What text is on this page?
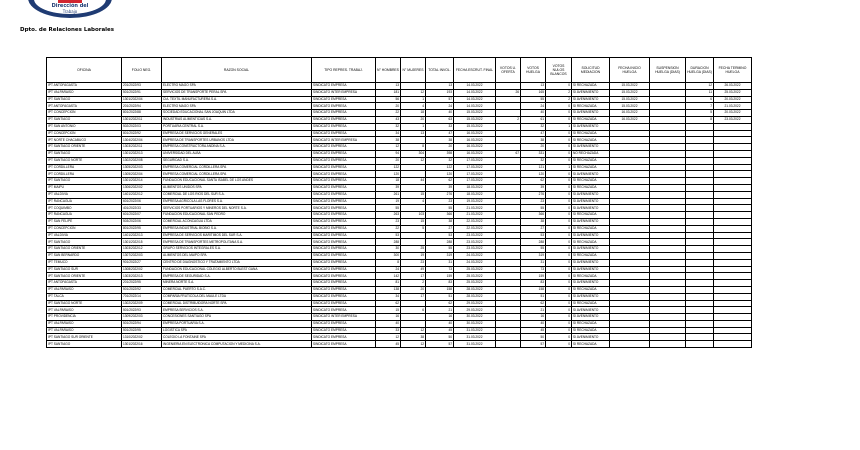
Dirección del
Trabajo
Dpto. de Relaciones Laborales
OFICINA	FOLIO NEG.	RAZON SOCIAL	TIPO REPRES. TRABAJ.	N° HOMBRES	N° MUJERES	TOTAL INVOL.	FECHA ESCRUT. FINAL	VOTOS U. OFERTA	VOTOS HUELGA	VOTOS NULOS BLANCOS	SOLICITUD MEDIACION	FECHA INICIO HUELGA	SUSPENSION HUELGA (DIAS)	DURACION HUELGA (DIAS)	FECHA TERMINO HUELGA
IPT ANTOFAGASTA	201/2022/93	ELECTRO MAGO SPA	SINDICATO EMPRESA	13		13	14.03.2022		13	0	SI RECHAZADA	15.03.2022		12	26.03.2022
IPT VALPARAISO	501/2022/91	SERVICIOS DE TRANSPORTE PERAL SPA	SINDICATO INTER EMPRESA	181	12	193	14.03.2022	26	165	2	SI AVENIMIENTO	15.03.2022		11	25.03.2022
IPT SANTIAGO	1301/2022/04	CIA. TEXTIL MANUFACTURERA S.A.	SINDICATO EMPRESA	56	1	57	14.03.2022		55	2	SI AVENIMIENTO	15.03.2022		6	20.03.2022
IPT ANTOFAGASTA	201/2022/94	ELECTRO MAGO SPA	SINDICATO EMPRESA	20	4	24	14.03.2022		24	0	SI RECHAZADA	15.03.2022		7	21.03.2022
IPT CONCEPCION	801/2022/88	SOCIEDAD EDUCACIONAL SAN JOAQUIN LTDA	SINDICATO EMPRESA	22	18	40	15.03.2022		40	0	SI AVENIMIENTO	16.03.2022		5	20.03.2022
IPT SANTIAGO	1301/2022/11	INDUSTRIAS ALIMENTICIAS S.A.	SINDICATO EMPRESA	43	20	63	15.03.2022	2	61	0	SI RECHAZADA	16.03.2022		8	23.03.2022
IPT SAN ANTONIO	502/2022/03	PORTUARIA CENTRAL S.A.	SINDICATO EMPRESA	32	1	33	15.03.2022		32	1	SI AVENIMIENTO				
IPT CONCEPCION	801/2022/92	EMPRESA DE SERVICIOS GENERALES	SINDICATO EMPRESA	34	13	47	16.03.2022		47	0	SI RECHAZADA				
IPT NORTE CHACABUCO	1304/2022/04	EMPRESA DE TRANSPORTES URBANOS LTDA	SINDICATO INTER EMPRESA	38		38	16.03.2022		38	0	SI RECHAZADA				
IPT SANTIAGO ORIENTE	1303/2022/11	EMPRESA CONSTRUCTORA ANDINA S.A.	SINDICATO EMPRESA	12	8	20	16.03.2022		20	0	SI AVENIMIENTO				
IPT SANTIAGO	1301/2022/13	UNIVERSIDAD DEL ALBA	SINDICATO EMPRESA	94	304	398	16.03.2022	67	331	0	NO RECHAZADA				
IPT SANTIAGO NORTE	1302/2022/08	SEGURIDAD S.A.	SINDICATO EMPRESA	20	12	32	17.03.2022		32	0	SI RECHAZADA				
IPT CORDILLERA	1305/2022/03	EMPRESA COMERCIAL CORDILLERA SPA	SINDICATO EMPRESA	122		122	17.03.2022		121	1	SI RECHAZADA				
IPT CORDILLERA	1305/2022/04	EMPRESA COMERCIAL CORDILLERA SPA	SINDICATO EMPRESA	120		120	17.03.2022		120	0	SI AVENIMIENTO				
IPT SANTIAGO	1301/2022/14	FUNDACION EDUCACIONAL SANTA ISABEL DE LOS ANDES	SINDICATO EMPRESA	18	44	62	17.03.2022		62	0	SI RECHAZADA				
IPT MAIPU	1306/2022/02	ALIMENTOS UNIDOS SPA	SINDICATO EMPRESA	39		39	18.03.2022		39	0	SI RECHAZADA				
IPT VALDIVIA	1401/2022/12	COMERCIAL DE LOS RIOS DEL SUR S.A.	SINDICATO EMPRESA	261	15	276	18.03.2022		276	0	SI AVENIMIENTO				
IPT RANCAGUA	601/2022/06	EMPRESA AGRICOLA LAS FLORES S.A.	SINDICATO EMPRESA	19	4	23	19.03.2022		23	0	SI AVENIMIENTO				
IPT COQUIMBO	401/2022/33	SERVICIOS PORTUARIOS Y MINEROS DEL NORTE S.A.	SINDICATO EMPRESA	55		55	21.03.2022		55	0	SI AVENIMIENTO				
IPT RANCAGUA	601/2022/07	FUNDACION EDUCACIONAL SAN PEDRO	SINDICATO EMPRESA	263	103	366	21.03.2022		366	0	SI RECHAZADA				
IPT SAN FELIPE	503/2022/06	COMERCIAL ACONCAGUA LTDA	SINDICATO EMPRESA	23	15	38	22.03.2022		38	0	SI AVENIMIENTO				
IPT CONCEPCION	801/2022/95	EMPRESA INDUSTRIAL BIOBIO S.A.	SINDICATO EMPRESA	22	5	27	22.03.2022		27	0	SI RECHAZADA				
IPT VALDIVIA	1401/2022/13	EMPRESA DE SERVICIOS MARITIMOS DEL SUR S.A.	SINDICATO EMPRESA	53		53	23.03.2022		53	0	SI AVENIMIENTO				
IPT SANTIAGO	1301/2022/15	EMPRESA DE TRANSPORTES METROPOLITANA S.A.	SINDICATO EMPRESA	288		288	23.03.2022		288	0	SI RECHAZADA				
IPT SANTIAGO ORIENTE	1303/2022/12	GRUPO SERVICIOS INTEGRALES S.A.	SINDICATO EMPRESA	30	25	55	23.03.2022		55	0	SI AVENIMIENTO				
IPT SAN BERNARDO	1307/2022/03	ALIMENTOS DEL MAIPO SPA	SINDICATO EMPRESA	300	19	319	24.03.2022		319	0	SI RECHAZADA				
IPT TEMUCO	901/2022/27	CENTRO DE DIAGNOSTICO Y TRATAMIENTO LTDA	SINDICATO EMPRESA	8	23	31	24.03.2022		31	0	SI AVENIMIENTO				
IPT SANTIAGO SUR	1308/2022/02	FUNDACION EDUCACIONAL COLEGIO ALBERTO BLEST GANA	SINDICATO EMPRESA	24	49	73	25.03.2022		73	0	SI AVENIMIENTO				
IPT SANTIAGO ORIENTE	1303/2022/13	EMPRESA DE SEGURIDAD S.A.	SINDICATO EMPRESA	142	17	159	25.03.2022		159	0	SI RECHAZADA				
IPT ANTOFAGASTA	201/2022/95	MINERA NORTE S.A.	SINDICATO EMPRESA	81	2	83	25.03.2022		83	0	SI AVENIMIENTO				
IPT VALPARAISO	501/2022/92	COMERCIAL PUERTO S.A.C.	SINDICATO EMPRESA	138	20	158	28.03.2022		158	0	SI RECHAZADA				
IPT TALCA	701/2022/14	COMPAÑIA FRUTICOLA DEL MAULE LTDA	SINDICATO EMPRESA	34	17	51	28.03.2022		51	0	SI AVENIMIENTO				
IPT SANTIAGO NORTE	1302/2022/09	COMERCIAL DISTRIBUIDORA NORTE SPA	SINDICATO EMPRESA	62		62	29.03.2022		62	0	SI RECHAZADA				
IPT VALPARAISO	501/2022/93	EMPRESA SERVICIOS S.A.	SINDICATO EMPRESA	15	6	21	29.03.2022		21	0	SI AVENIMIENTO				
IPT PROVIDENCIA	1309/2022/03	CONCESIONES SANTIAGO SPA	SINDICATO INTER EMPRESA	16		16	30.03.2022		16	0	SI AVENIMIENTO				
IPT VALPARAISO	501/2022/94	EMPRESA PORTUARIA S.A.	SINDICATO EMPRESA	40		40	30.03.2022		40	0	SI RECHAZADA				
IPT VALPARAISO	501/2022/95	LOGISTICA SPA	SINDICATO EMPRESA	33	12	45	31.03.2022		45	0	SI RECHAZADA				
IPT SANTIAGO SUR ORIENTE	1310/2022/02	COLEGIO LA FONTAINE SPA	SINDICATO EMPRESA	12	38	50	31.03.2022		50	0	SI AVENIMIENTO				
IPT SANTIAGO	1301/2022/16	INGENIERIA EN ELECTRONICA COMPUTACION Y MEDICINA S.A.	SINDICATO EMPRESA	45	12	57	31.03.2022		57	0	SI RECHAZADA				
